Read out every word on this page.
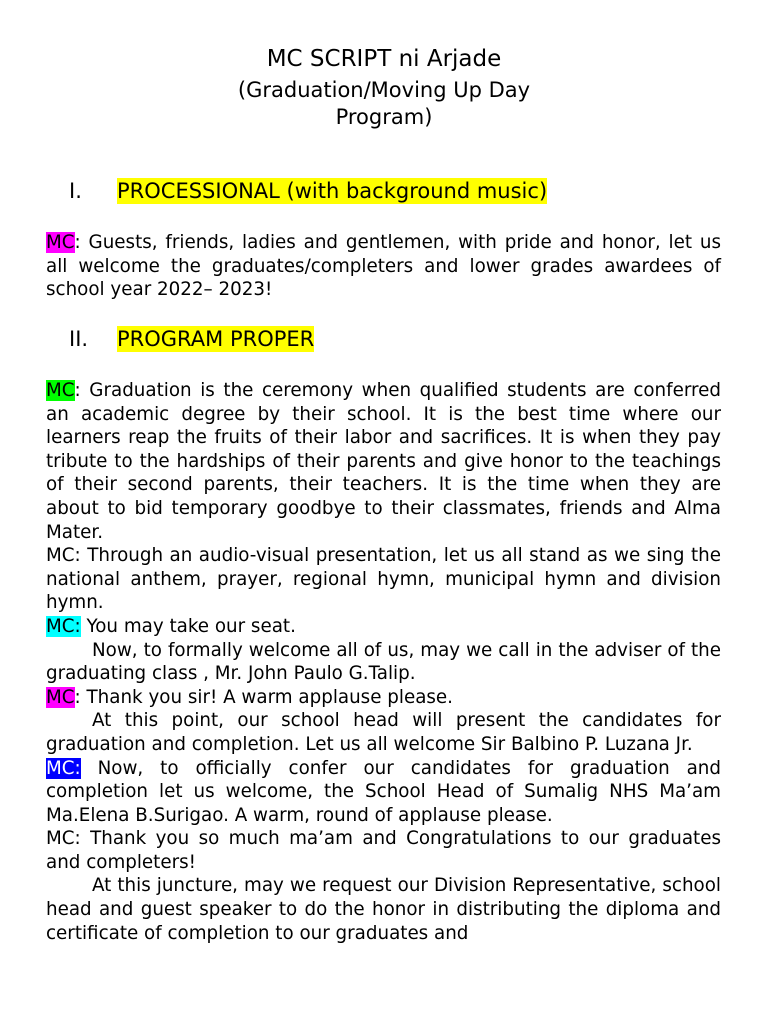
MC SCRIPT ni Arjade
(Graduation/Moving Up Day
Program)
I. PROCESSIONAL (with background music)

MC: Guests, friends, ladies and gentlemen, with pride and honor, let us all welcome the graduates/completers and lower grades awardees of school year 2022– 2023!

II. PROGRAM PROPER

MC: Graduation is the ceremony when qualified students are conferred an academic degree by their school. It is the best time where our learners reap the fruits of their labor and sacrifices. It is when they pay tribute to the hardships of their parents and give honor to the teachings of their second parents, their teachers. It is the time when they are about to bid temporary goodbye to their classmates, friends and Alma Mater.

MC: Through an audio-visual presentation, let us all stand as we sing the national anthem, prayer, regional hymn, municipal hymn and division hymn.

MC: You may take our seat.

Now, to formally welcome all of us, may we call in the adviser of the graduating class , Mr. John Paulo G.Talip.

MC: Thank you sir! A warm applause please.

At this point, our school head will present the candidates for graduation and completion. Let us all welcome Sir Balbino P. Luzana Jr.

MC: Now, to officially confer our candidates for graduation and completion let us welcome, the School Head of Sumalig NHS Ma’am Ma.Elena B.Surigao. A warm, round of applause please.

MC: Thank you so much ma’am and Congratulations to our graduates and completers!

At this juncture, may we request our Division Representative, school head and guest speaker to do the honor in distributing the diploma and certificate of completion to our graduates and
